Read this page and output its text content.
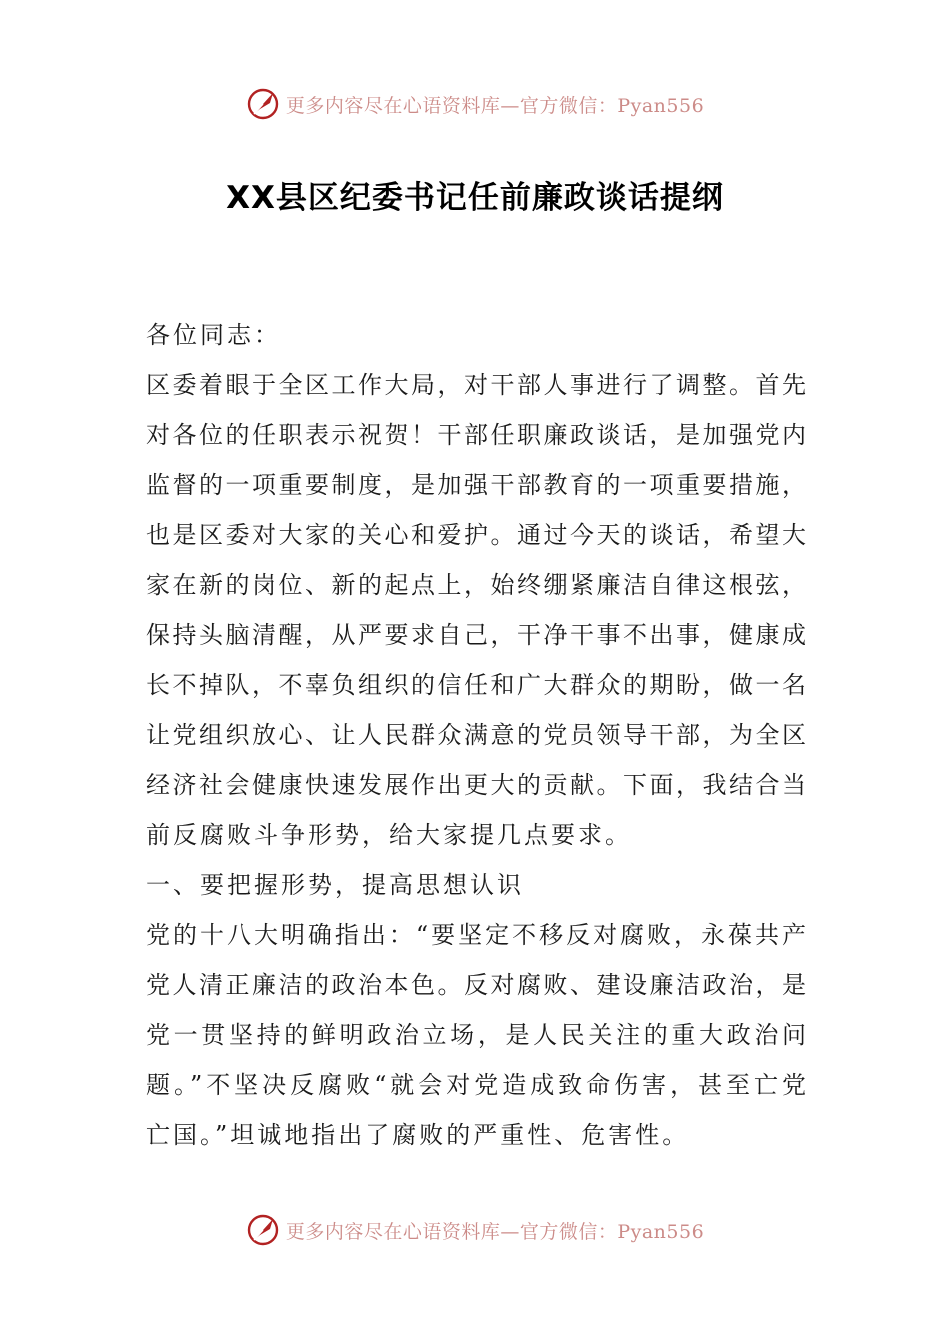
更多内容尽在心语资料库—官方微信：Pyan556
XX县区纪委书记任前廉政谈话提纲
各位同志：
区委着眼于全区工作大局，对干部人事进行了调整。首先
对各位的任职表示祝贺！干部任职廉政谈话，是加强党内
监督的一项重要制度，是加强干部教育的一项重要措施，
也是区委对大家的关心和爱护。通过今天的谈话，希望大
家在新的岗位、新的起点上，始终绷紧廉洁自律这根弦，
保持头脑清醒，从严要求自己，干净干事不出事，健康成
长不掉队，不辜负组织的信任和广大群众的期盼，做一名
让党组织放心、让人民群众满意的党员领导干部，为全区
经济社会健康快速发展作出更大的贡献。下面，我结合当
前反腐败斗争形势，给大家提几点要求。
一、要把握形势，提高思想认识
党的十八大明确指出：“要坚定不移反对腐败，永葆共产
党人清正廉洁的政治本色。反对腐败、建设廉洁政治，是
党一贯坚持的鲜明政治立场，是人民关注的重大政治问
题。”不坚决反腐败“就会对党造成致命伤害，甚至亡党
亡国。”坦诚地指出了腐败的严重性、危害性。
更多内容尽在心语资料库—官方微信：Pyan556
